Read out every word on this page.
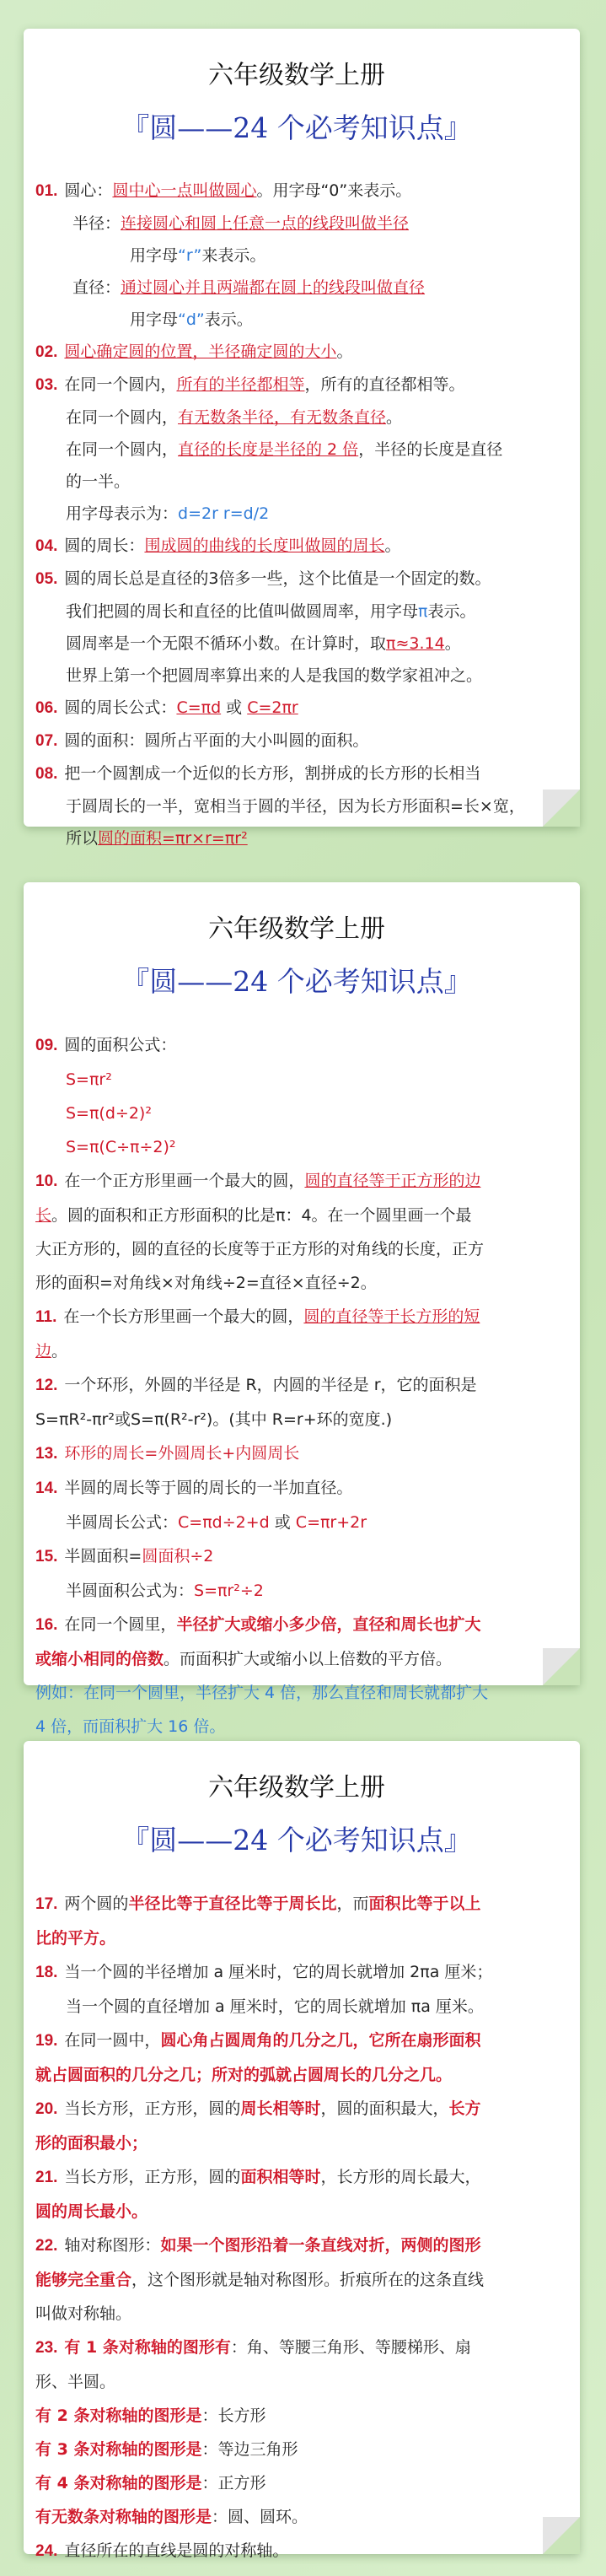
六年级数学上册
『圆——24 个必考知识点』

01. 圆心：圆中心一点叫做圆心。用字母“0”来表示。

半径：连接圆心和圆上任意一点的线段叫做半径

用字母“r”来表示。

直径：通过圆心并且两端都在圆上的线段叫做直径

用字母“d”表示。

02. 圆心确定圆的位置，半径确定圆的大小。

03. 在同一个圆内，所有的半径都相等，所有的直径都相等。

在同一个圆内，有无数条半径，有无数条直径。

在同一个圆内，直径的长度是半径的 2 倍，半径的长度是直径

的一半。

用字母表示为：d=2r r=d/2

04. 圆的周长：围成圆的曲线的长度叫做圆的周长。

05. 圆的周长总是直径的3倍多一些，这个比值是一个固定的数。

我们把圆的周长和直径的比值叫做圆周率，用字母π表示。

圆周率是一个无限不循环小数。在计算时，取π≈3.14。

世界上第一个把圆周率算出来的人是我国的数学家祖冲之。

06. 圆的周长公式：C=πd 或 C=2πr

07. 圆的面积：圆所占平面的大小叫圆的面积。

08. 把一个圆割成一个近似的长方形，割拼成的长方形的长相当

于圆周长的一半，宽相当于圆的半径，因为长方形面积=长×宽，

所以圆的面积=πr×r=πr²

六年级数学上册
『圆——24 个必考知识点』

09. 圆的面积公式：

S=πr²

S=π(d÷2)²

S=π(C÷π÷2)²

10. 在一个正方形里画一个最大的圆，圆的直径等于正方形的边

长。圆的面积和正方形面积的比是π：4。在一个圆里画一个最

大正方形的，圆的直径的长度等于正方形的对角线的长度，正方

形的面积=对角线×对角线÷2=直径×直径÷2。

11. 在一个长方形里画一个最大的圆，圆的直径等于长方形的短

边。

12. 一个环形，外圆的半径是 R，内圆的半径是 r，它的面积是

S=πR²-πr²或S=π(R²-r²)。(其中 R=r+环的宽度.)

13. 环形的周长=外圆周长+内圆周长

14. 半圆的周长等于圆的周长的一半加直径。

半圆周长公式：C=πd÷2+d 或 C=πr+2r

15. 半圆面积=圆面积÷2

半圆面积公式为：S=πr²÷2

16. 在同一个圆里，半径扩大或缩小多少倍，直径和周长也扩大

或缩小相同的倍数。而面积扩大或缩小以上倍数的平方倍。

例如：在同一个圆里，半径扩大 4 倍，那么直径和周长就都扩大

4 倍，而面积扩大 16 倍。

六年级数学上册
『圆——24 个必考知识点』

17. 两个圆的半径比等于直径比等于周长比，而面积比等于以上

比的平方。

18. 当一个圆的半径增加 a 厘米时，它的周长就增加 2πa 厘米；

当一个圆的直径增加 a 厘米时，它的周长就增加 πa 厘米。

19. 在同一圆中，圆心角占圆周角的几分之几，它所在扇形面积

就占圆面积的几分之几；所对的弧就占圆周长的几分之几。

20. 当长方形，正方形，圆的周长相等时，圆的面积最大，长方

形的面积最小；

21. 当长方形，正方形，圆的面积相等时，长方形的周长最大，

圆的周长最小。

22. 轴对称图形：如果一个图形沿着一条直线对折，两侧的图形

能够完全重合，这个图形就是轴对称图形。折痕所在的这条直线

叫做对称轴。

23. 有 1 条对称轴的图形有：角、等腰三角形、等腰梯形、扇

形、半圆。

有 2 条对称轴的图形是：长方形

有 3 条对称轴的图形是：等边三角形

有 4 条对称轴的图形是：正方形

有无数条对称轴的图形是：圆、圆环。

24. 直径所在的直线是圆的对称轴。
